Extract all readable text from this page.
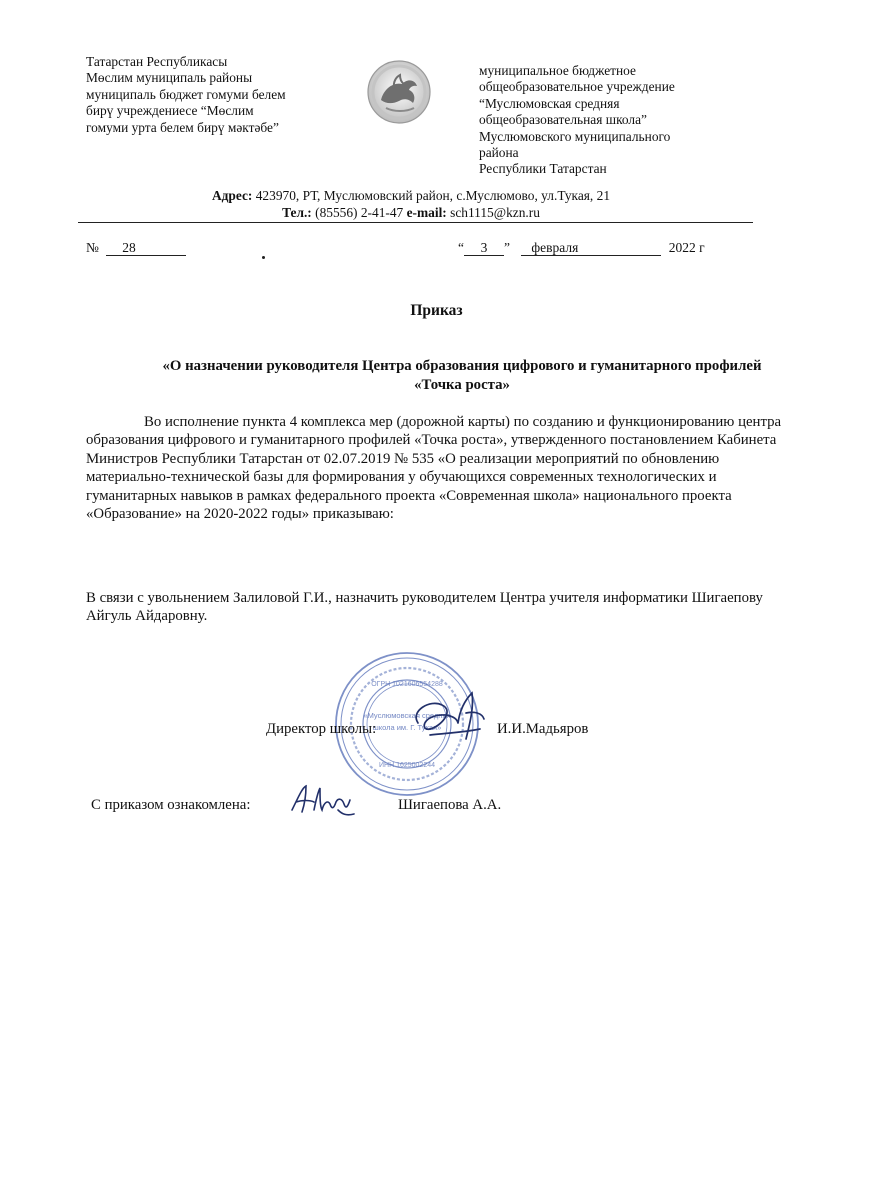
Татарстан Республикасы
Мөслим муниципаль районы
муниципаль бюджет гомуми белем
бирү учреждениесе “Мөслим
гомуми урта белем бирү мәктәбе”
муниципальное бюджетное
общеобразовательное учреждение
“Муслюмовская средняя
общеобразовательная школа”
Муслюмовского муниципального
района
Республики Татарстан
Адрес: 423970, РТ, Муслюмовский район, с.Муслюмово, ул.Тукая, 21
Тел.: (85556) 2-41-47 e-mail: sch1115@kzn.ru
№ 28	“ 3 ” февраля	2022 г
Приказ
«О назначении руководителя Центра образования цифрового и гуманитарного профилей «Точка роста»
Во исполнение пункта 4 комплекса мер (дорожной карты) по созданию и функционированию центра образования цифрового и гуманитарного профилей «Точка роста», утвержденного постановлением Кабинета Министров Республики Татарстан от 02.07.2019 № 535 «О реализации мероприятий по обновлению материально-технической базы для формирования у обучающихся современных технологических и гуманитарных навыков в рамках федерального проекта «Современная школа» национального проекта «Образование» на 2020-2022 годы» приказываю:
В связи с увольнением Залиловой Г.И., назначить руководителем Центра учителя информатики Шигаепову Айгуль Айдаровну.
«Муслюмовская средняя
школа им. Г. Тукая»
ОГРН 1021606554288
ИНН 1625002244
Директор школы:	И.И.Мадьяров
С приказом ознакомлена:	Шигаепова А.А.
